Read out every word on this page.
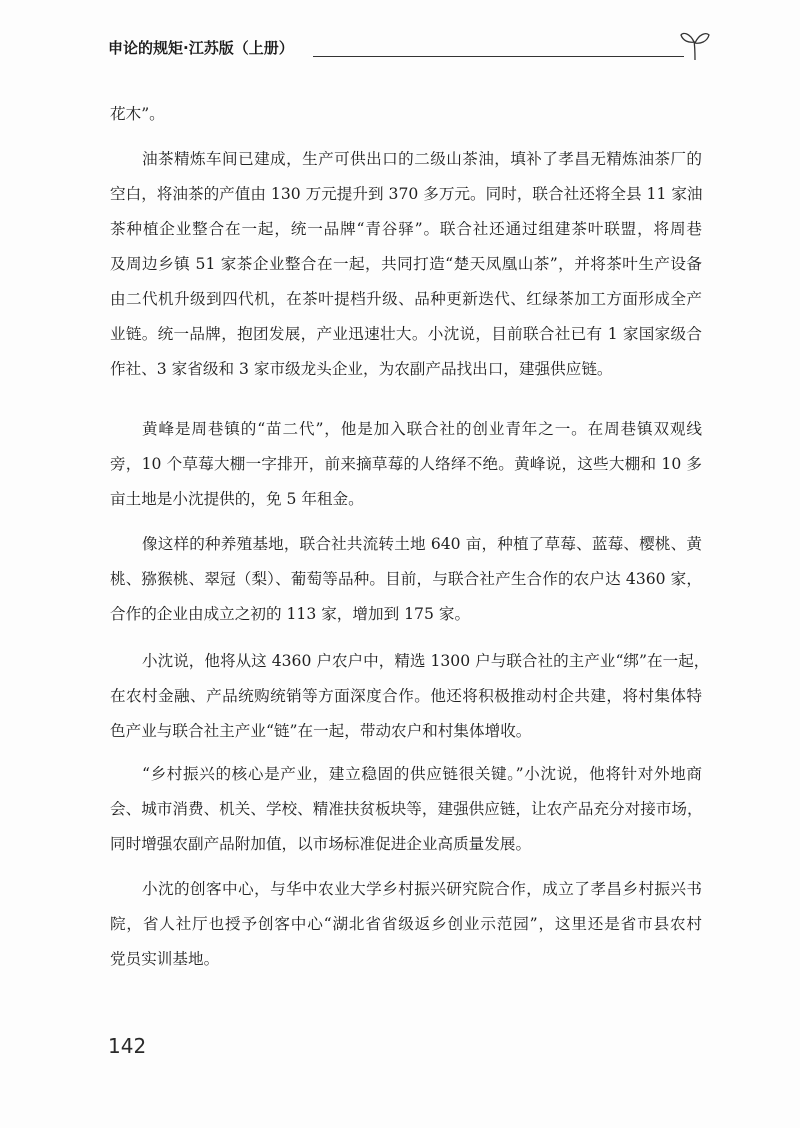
申论的规矩·江苏版（上册）
花木”。
油茶精炼车间已建成，生产可供出口的二级山茶油，填补了孝昌无精炼油茶厂的
空白，将油茶的产值由 130 万元提升到 370 多万元。同时，联合社还将全县 11 家油
茶种植企业整合在一起，统一品牌“青谷驿”。联合社还通过组建茶叶联盟，将周巷
及周边乡镇 51 家茶企业整合在一起，共同打造“楚天凤凰山茶”，并将茶叶生产设备
由二代机升级到四代机，在茶叶提档升级、品种更新迭代、红绿茶加工方面形成全产
业链。统一品牌，抱团发展，产业迅速壮大。小沈说，目前联合社已有 1 家国家级合
作社、3 家省级和 3 家市级龙头企业，为农副产品找出口，建强供应链。
黄峰是周巷镇的“苗二代”，他是加入联合社的创业青年之一。在周巷镇双观线
旁，10 个草莓大棚一字排开，前来摘草莓的人络绎不绝。黄峰说，这些大棚和 10 多
亩土地是小沈提供的，免 5 年租金。
像这样的种养殖基地，联合社共流转土地 640 亩，种植了草莓、蓝莓、樱桃、黄
桃、猕猴桃、翠冠（梨）、葡萄等品种。目前，与联合社产生合作的农户达 4360 家，
合作的企业由成立之初的 113 家，增加到 175 家。
小沈说，他将从这 4360 户农户中，精选 1300 户与联合社的主产业“绑”在一起，
在农村金融、产品统购统销等方面深度合作。他还将积极推动村企共建，将村集体特
色产业与联合社主产业“链”在一起，带动农户和村集体增收。
“乡村振兴的核心是产业，建立稳固的供应链很关键。”小沈说，他将针对外地商
会、城市消费、机关、学校、精准扶贫板块等，建强供应链，让农产品充分对接市场，
同时增强农副产品附加值，以市场标准促进企业高质量发展。
小沈的创客中心，与华中农业大学乡村振兴研究院合作，成立了孝昌乡村振兴书
院，省人社厅也授予创客中心“湖北省省级返乡创业示范园”，这里还是省市县农村
党员实训基地。
142
